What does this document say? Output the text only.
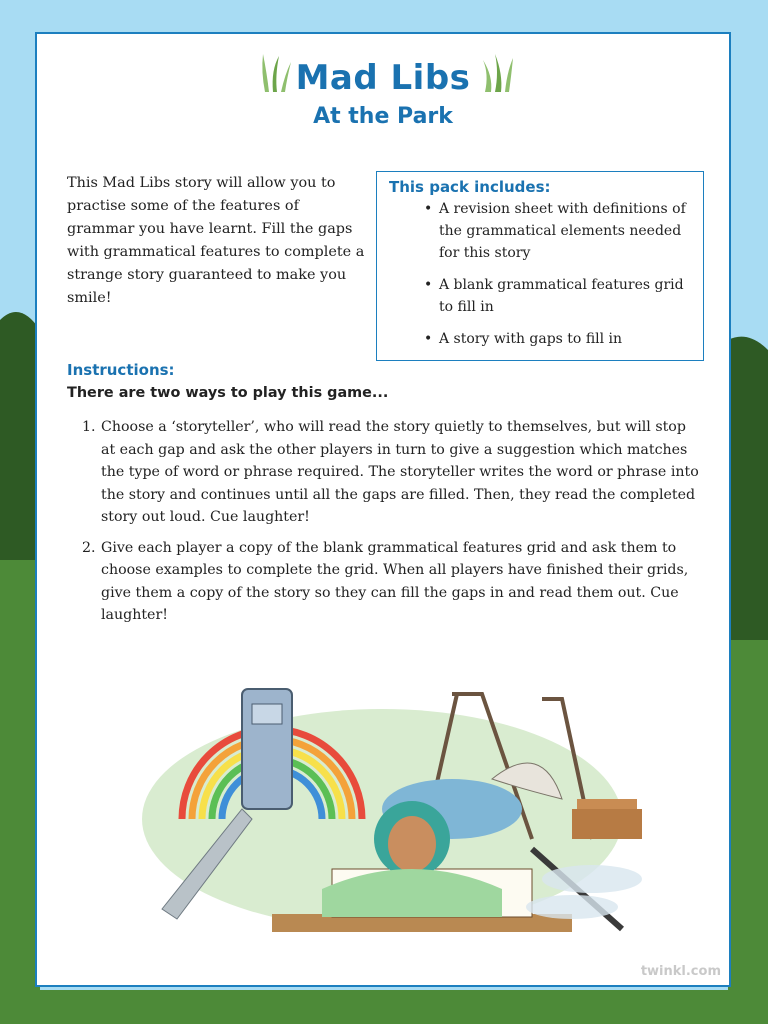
Mad Libs
At the Park
This Mad Libs story will allow you to practise some of the features of grammar you have learnt. Fill the gaps with grammatical features to complete a strange story guaranteed to make you smile!
This pack includes:
• A revision sheet with definitions of the grammatical elements needed for this story
• A blank grammatical features grid to fill in
• A story with gaps to fill in
Instructions:
There are two ways to play this game...
1. Choose a ‘storyteller’, who will read the story quietly to themselves, but will stop at each gap and ask the other players in turn to give a suggestion which matches the type of word or phrase required. The storyteller writes the word or phrase into the story and continues until all the gaps are filled. Then, they read the completed story out loud. Cue laughter!
2. Give each player a copy of the blank grammatical features grid and ask them to choose examples to complete the grid. When all players have finished their grids, give them a copy of the story so they can fill the gaps in and read them out. Cue laughter!
twinkl.com
